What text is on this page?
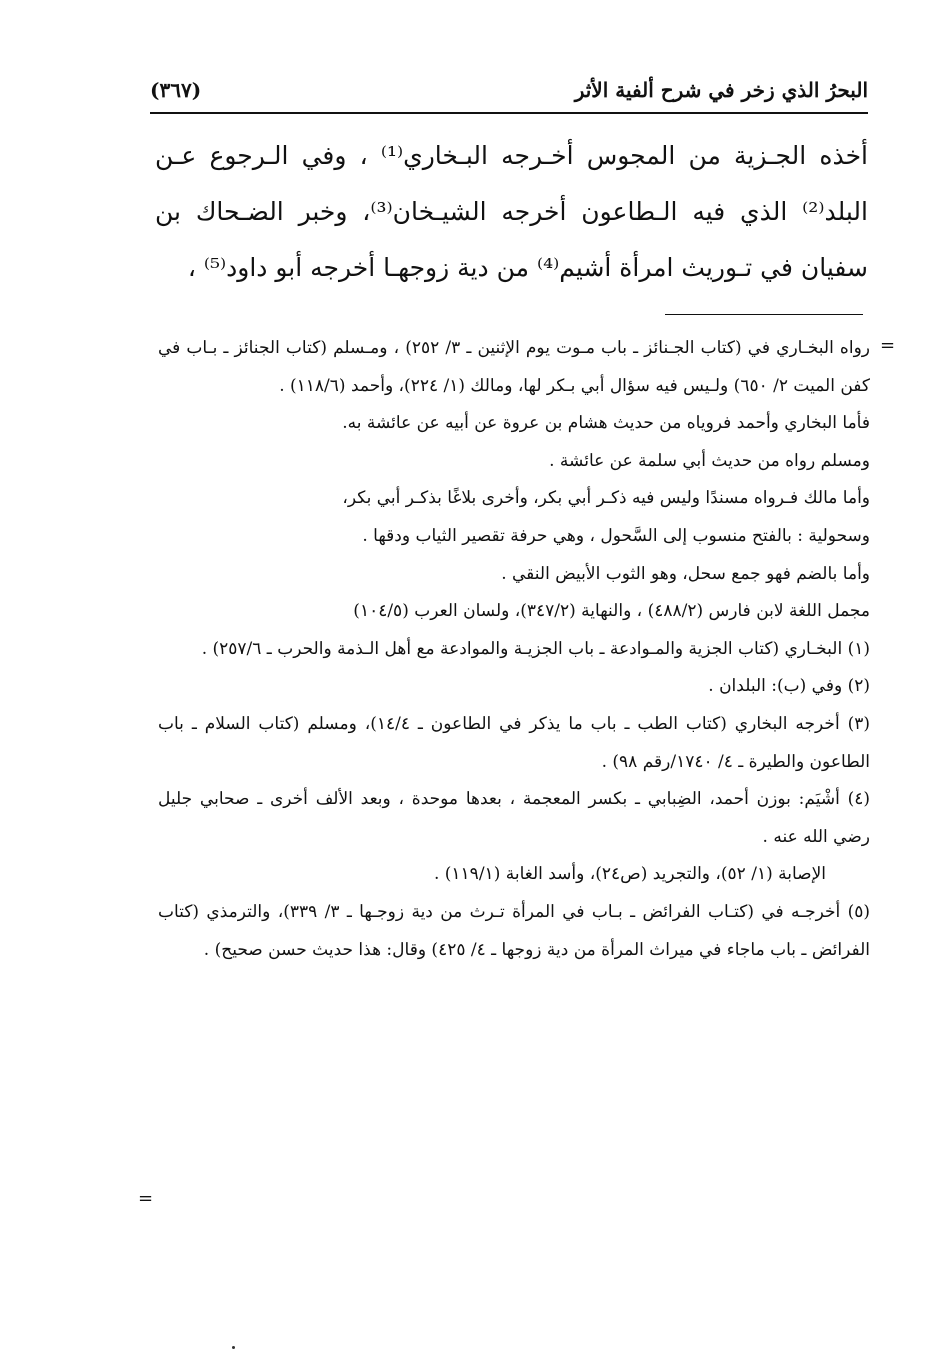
البحرُ الذي زخر في شرح ألفية الأثر
(٣٦٧)

أخذه الجـزية من المجوس أخـرجه البـخاري⁽¹⁾ ، وفي الـرجوع عـن البلد⁽²⁾ الذي فيه الـطاعون أخرجه الشيـخان⁽³⁾، وخبر الضـحاك بن سفيان في تـوريث امرأة أشيم⁽⁴⁾ من دية زوجهـا أخرجه أبو داود⁽⁵⁾ ،

=

رواه البخـاري في (كتاب الجـنائز ـ باب مـوت يوم الإثنين ـ ٣/ ٢٥٢) ، ومـسلم (كتاب الجنائز ـ بـاب في كفن الميت ٢/ ٦٥٠) ولـيس فيه سؤال أبي بـكر لها، ومالك (١/ ٢٢٤)، وأحمد (١١٨/٦) .

فأما البخاري وأحمد فروياه من حديث هشام بن عروة عن أبيه عن عائشة به.

ومسلم رواه من حديث أبي سلمة عن عائشة .

وأما مالك فـرواه مسندًا وليس فيه ذكـر أبي بكر، وأخرى بلاغًا بذكـر أبي بكر،

وسحولية : بالفتح منسوب إلى السَّحول ، وهي حرفة تقصير الثياب ودقها .

وأما بالضم فهو جمع سحل، وهو الثوب الأبيض النقي .

مجمل اللغة لابن فارس (٤٨٨/٢) ، والنهاية (٣٤٧/٢)، ولسان العرب (١٠٤/٥)

(١) البخـاري (كتاب الجزية والمـوادعة ـ باب الجزيـة والموادعة مع أهل الـذمة والحرب ـ ٢٥٧/٦) .

(٢) وفي (ب): البلدان .

(٣) أخرجه البخاري (كتاب الطب ـ باب ما يذكر في الطاعون ـ ١٤/٤)، ومسلم (كتاب السلام ـ باب الطاعون والطيرة ـ ٤/ ١٧٤٠/رقم ٩٨) .

(٤) أشْيَم: بوزن أحمد، الضِبابي ـ بكسر المعجمة ، بعدها موحدة ، وبعد الألف أخرى ـ صحابي جليل رضي الله عنه .

الإصابة (١/ ٥٢)، والتجريد (ص٢٤)، وأسد الغابة (١١٩/١) .

(٥) أخرجـه في (كتـاب الفرائض ـ بـاب في المرأة تـرث من دية زوجـها ـ ٣/ ٣٣٩)، والترمذي (كتاب الفرائض ـ باب ماجاء في ميراث المرأة من دية زوجها ـ ٤/ ٤٢٥) وقال: هذا حديث حسن صحيح) .

=
